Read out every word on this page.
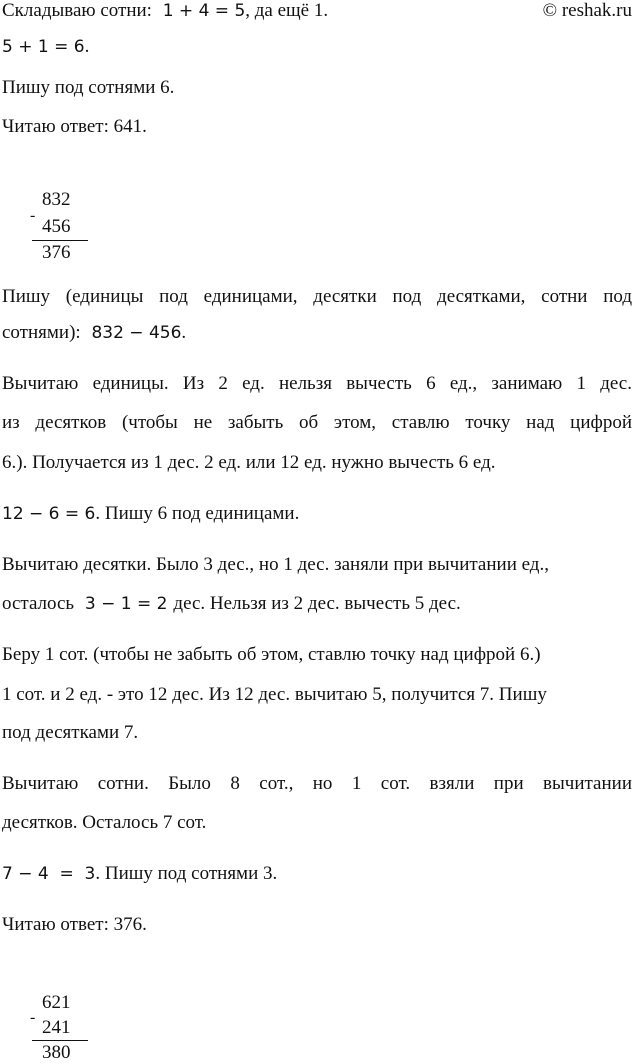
© reshak.ru
Складываю сотни: 1 + 4 = 5, да ещё 1.
5 + 1 = 6.
Пишу под сотнями 6.
Читаю ответ: 641.
832
-
456
376
Пишу (единицы под единицами, десятки под десятками, сотни под
сотнями): 832 − 456.
Вычитаю единицы. Из 2 ед. нельзя вычесть 6 ед., занимаю 1 дес.
из десятков (чтобы не забыть об этом, ставлю точку над цифрой
6.). Получается из 1 дес. 2 ед. или 12 ед. нужно вычесть 6 ед.
12 − 6 = 6. Пишу 6 под единицами.
Вычитаю десятки. Было 3 дес., но 1 дес. заняли при вычитании ед.,
осталось 3 − 1 = 2 дес. Нельзя из 2 дес. вычесть 5 дес.
Беру 1 сот. (чтобы не забыть об этом, ставлю точку над цифрой 6.)
1 сот. и 2 ед. - это 12 дес. Из 12 дес. вычитаю 5, получится 7. Пишу
под десятками 7.
Вычитаю сотни. Было 8 сот., но 1 сот. взяли при вычитании
десятков. Осталось 7 сот.
7 − 4  =  3. Пишу под сотнями 3.
Читаю ответ: 376.
621
- 241
380
